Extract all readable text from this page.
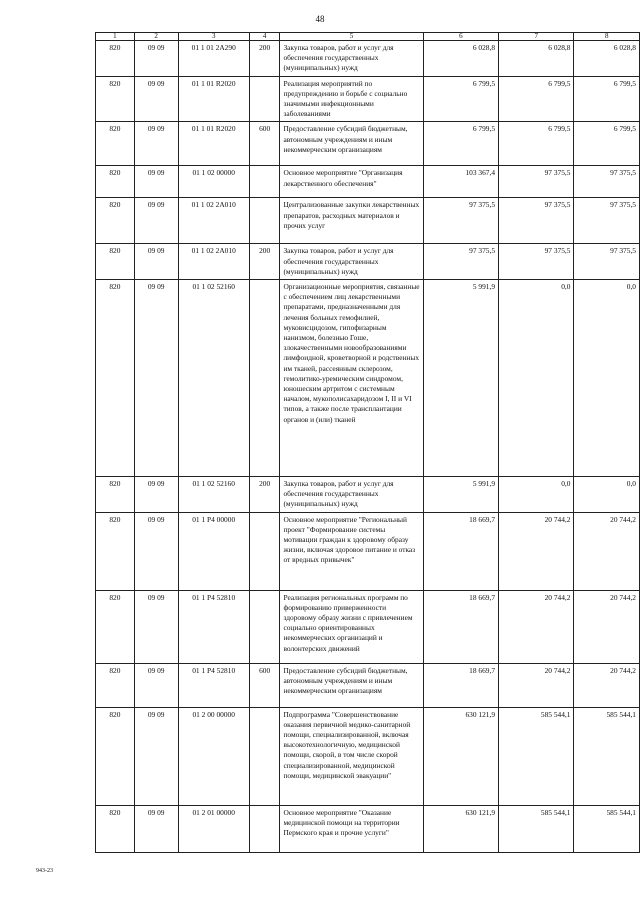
48
1	2	3	4	5	6	7	8
820	09 09	01 1 01 2А290	200	Закупка товаров, работ и услуг для обеспечения государственных (муниципальных) нужд	6 028,8	6 028,8	6 028,8
820	09 09	01 1 01 R2020		Реализация мероприятий по предупреждению и борьбе с социально значимыми инфекционными заболеваниями	6 799,5	6 799,5	6 799,5
820	09 09	01 1 01 R2020	600	Предоставление субсидий бюджетным, автономным учреждениям и иным некоммерческим организациям	6 799,5	6 799,5	6 799,5
820	09 09	01 1 02 00000		Основное мероприятие "Организация лекарственного обеспечения"	103 367,4	97 375,5	97 375,5
820	09 09	01 1 02 2А010		Централизованные закупки лекарственных препаратов, расходных материалов и прочих услуг	97 375,5	97 375,5	97 375,5
820	09 09	01 1 02 2А010	200	Закупка товаров, работ и услуг для обеспечения государственных (муниципальных) нужд	97 375,5	97 375,5	97 375,5
820	09 09	01 1 02 52160		Организационные мероприятия, связанные с обеспечением лиц лекарственными препаратами, предназначенными для лечения больных гемофилией, муковисцидозом, гипофизарным нанизмом, болезнью Гоше, злокачественными новообразованиями лимфоидной, кроветворной и родственных им тканей, рассеянным склерозом, гемолитико-уремическим синдромом, юношеским артритом с системным началом, мукополисахаридозом I, II и VI типов, а также после трансплантации органов и (или) тканей	5 991,9	0,0	0,0
820	09 09	01 1 02 52160	200	Закупка товаров, работ и услуг для обеспечения государственных (муниципальных) нужд	5 991,9	0,0	0,0
820	09 09	01 1 P4 00000		Основное мероприятие "Региональный проект "Формирование системы мотивации граждан к здоровому образу жизни, включая здоровое питание и отказ от вредных привычек"	18 669,7	20 744,2	20 744,2
820	09 09	01 1 P4 52810		Реализация региональных программ по формированию приверженности здоровому образу жизни с привлечением социально ориентированных некоммерческих организаций и волонтерских движений	18 669,7	20 744,2	20 744,2
820	09 09	01 1 P4 52810	600	Предоставление субсидий бюджетным, автономным учреждениям и иным некоммерческим организациям	18 669,7	20 744,2	20 744,2
820	09 09	01 2 00 00000		Подпрограмма "Совершенствование оказания первичной медико-санитарной помощи, специализированной, включая высокотехнологичную, медицинской помощи, скорой, в том числе скорой специализированной, медицинской помощи, медицинской эвакуации"	630 121,9	585 544,1	585 544,1
820	09 09	01 2 01 00000		Основное мероприятие "Оказание медицинской помощи на территории Пермского края и прочие услуги"	630 121,9	585 544,1	585 544,1
943-23
